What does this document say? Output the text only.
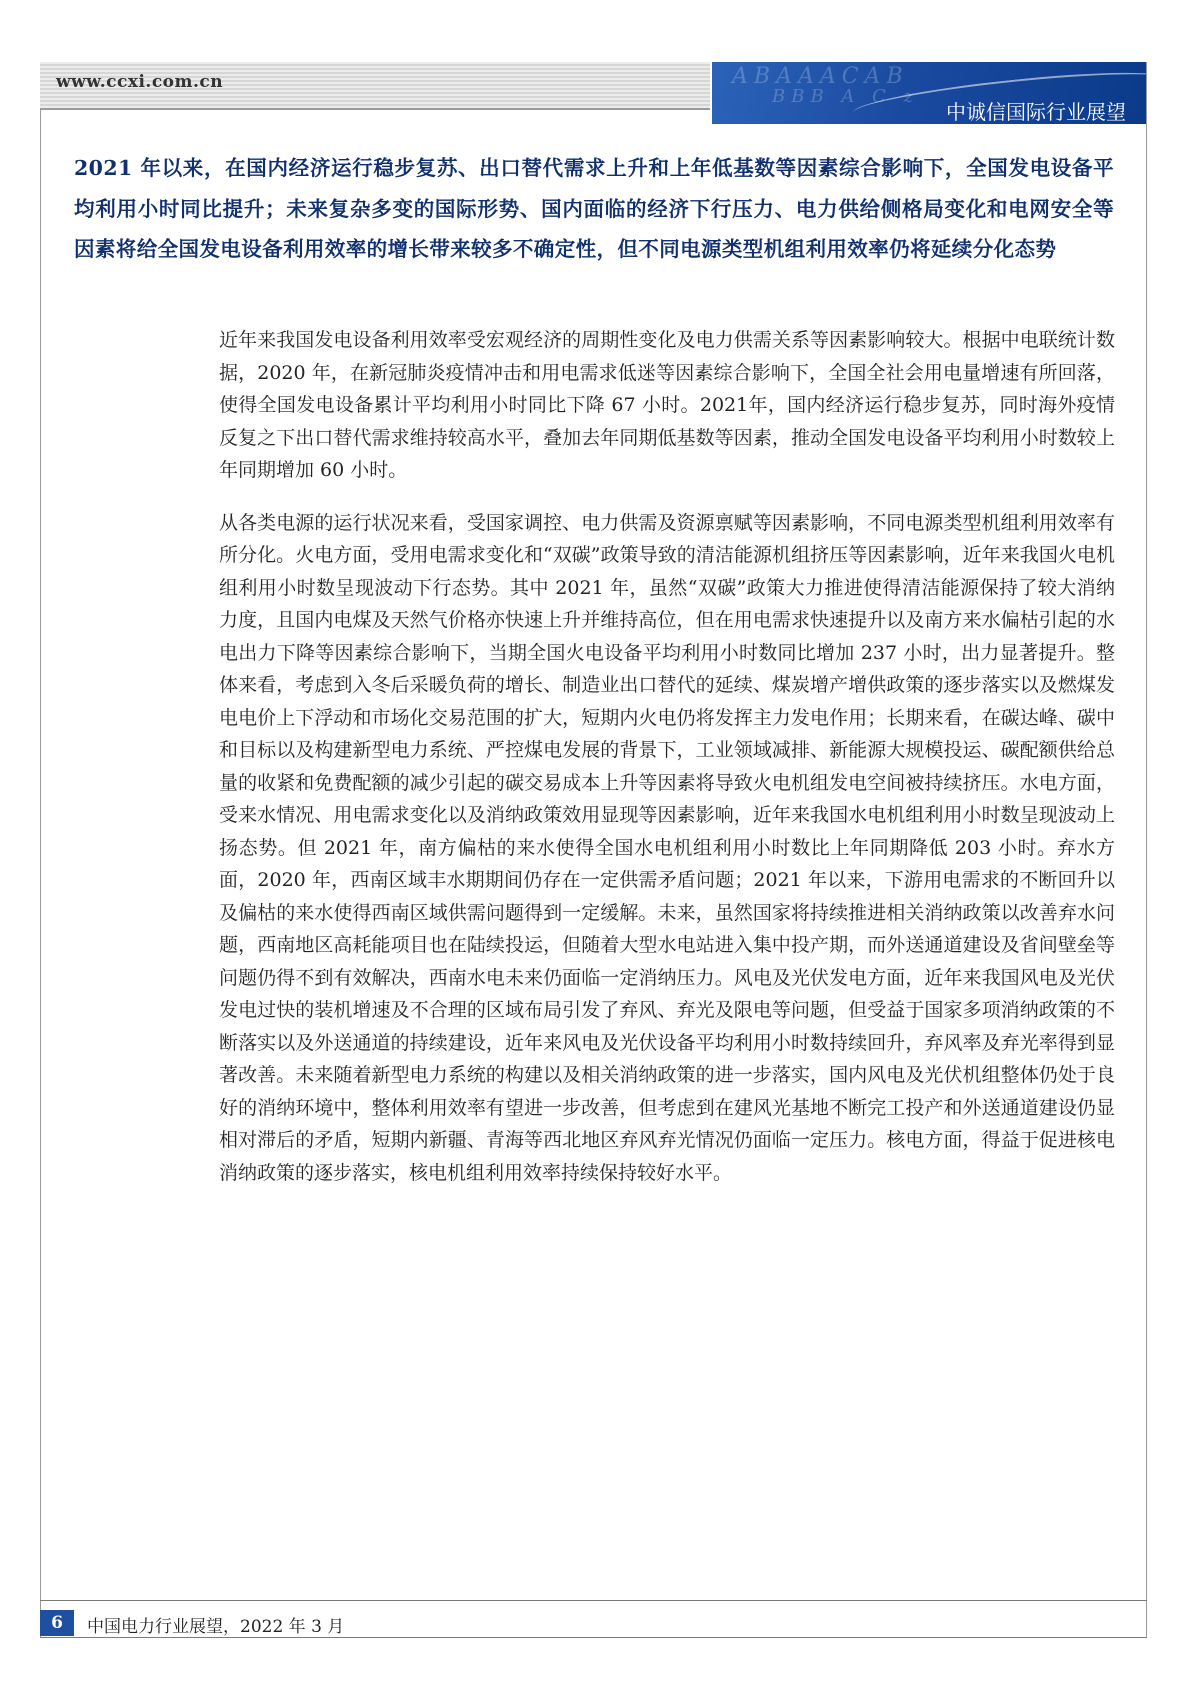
www.ccxi.com.cn	ABAAACAB
BBB A C z
中诚信国际行业展望
2021 年以来，在国内经济运行稳步复苏、出口替代需求上升和上年低基数等因素综合影响下，全国发电设备平均利用小时同比提升；未来复杂多变的国际形势、国内面临的经济下行压力、电力供给侧格局变化和电网安全等因素将给全国发电设备利用效率的增长带来较多不确定性，但不同电源类型机组利用效率仍将延续分化态势

近年来我国发电设备利用效率受宏观经济的周期性变化及电力供需关系等因素影响较大。根据中电联统计数据，2020 年，在新冠肺炎疫情冲击和用电需求低迷等因素综合影响下，全国全社会用电量增速有所回落，使得全国发电设备累计平均利用小时同比下降 67 小时。2021年，国内经济运行稳步复苏，同时海外疫情反复之下出口替代需求维持较高水平，叠加去年同期低基数等因素，推动全国发电设备平均利用小时数较上年同期增加 60 小时。

从各类电源的运行状况来看，受国家调控、电力供需及资源禀赋等因素影响，不同电源类型机组利用效率有所分化。火电方面，受用电需求变化和“双碳”政策导致的清洁能源机组挤压等因素影响，近年来我国火电机组利用小时数呈现波动下行态势。其中 2021 年，虽然“双碳”政策大力推进使得清洁能源保持了较大消纳力度，且国内电煤及天然气价格亦快速上升并维持高位，但在用电需求快速提升以及南方来水偏枯引起的水电出力下降等因素综合影响下，当期全国火电设备平均利用小时数同比增加 237 小时，出力显著提升。整体来看，考虑到入冬后采暖负荷的增长、制造业出口替代的延续、煤炭增产增供政策的逐步落实以及燃煤发电电价上下浮动和市场化交易范围的扩大，短期内火电仍将发挥主力发电作用；长期来看，在碳达峰、碳中和目标以及构建新型电力系统、严控煤电发展的背景下，工业领域减排、新能源大规模投运、碳配额供给总量的收紧和免费配额的减少引起的碳交易成本上升等因素将导致火电机组发电空间被持续挤压。水电方面，受来水情况、用电需求变化以及消纳政策效用显现等因素影响，近年来我国水电机组利用小时数呈现波动上扬态势。但 2021 年，南方偏枯的来水使得全国水电机组利用小时数比上年同期降低 203 小时。弃水方面，2020 年，西南区域丰水期期间仍存在一定供需矛盾问题；2021 年以来，下游用电需求的不断回升以及偏枯的来水使得西南区域供需问题得到一定缓解。未来，虽然国家将持续推进相关消纳政策以改善弃水问题，西南地区高耗能项目也在陆续投运，但随着大型水电站进入集中投产期，而外送通道建设及省间壁垒等问题仍得不到有效解决，西南水电未来仍面临一定消纳压力。风电及光伏发电方面，近年来我国风电及光伏发电过快的装机增速及不合理的区域布局引发了弃风、弃光及限电等问题，但受益于国家多项消纳政策的不断落实以及外送通道的持续建设，近年来风电及光伏设备平均利用小时数持续回升，弃风率及弃光率得到显著改善。未来随着新型电力系统的构建以及相关消纳政策的进一步落实，国内风电及光伏机组整体仍处于良好的消纳环境中，整体利用效率有望进一步改善，但考虑到在建风光基地不断完工投产和外送通道建设仍显相对滞后的矛盾，短期内新疆、青海等西北地区弃风弃光情况仍面临一定压力。核电方面，得益于促进核电消纳政策的逐步落实，核电机组利用效率持续保持较好水平。

6	中国电力行业展望，2022 年 3 月
